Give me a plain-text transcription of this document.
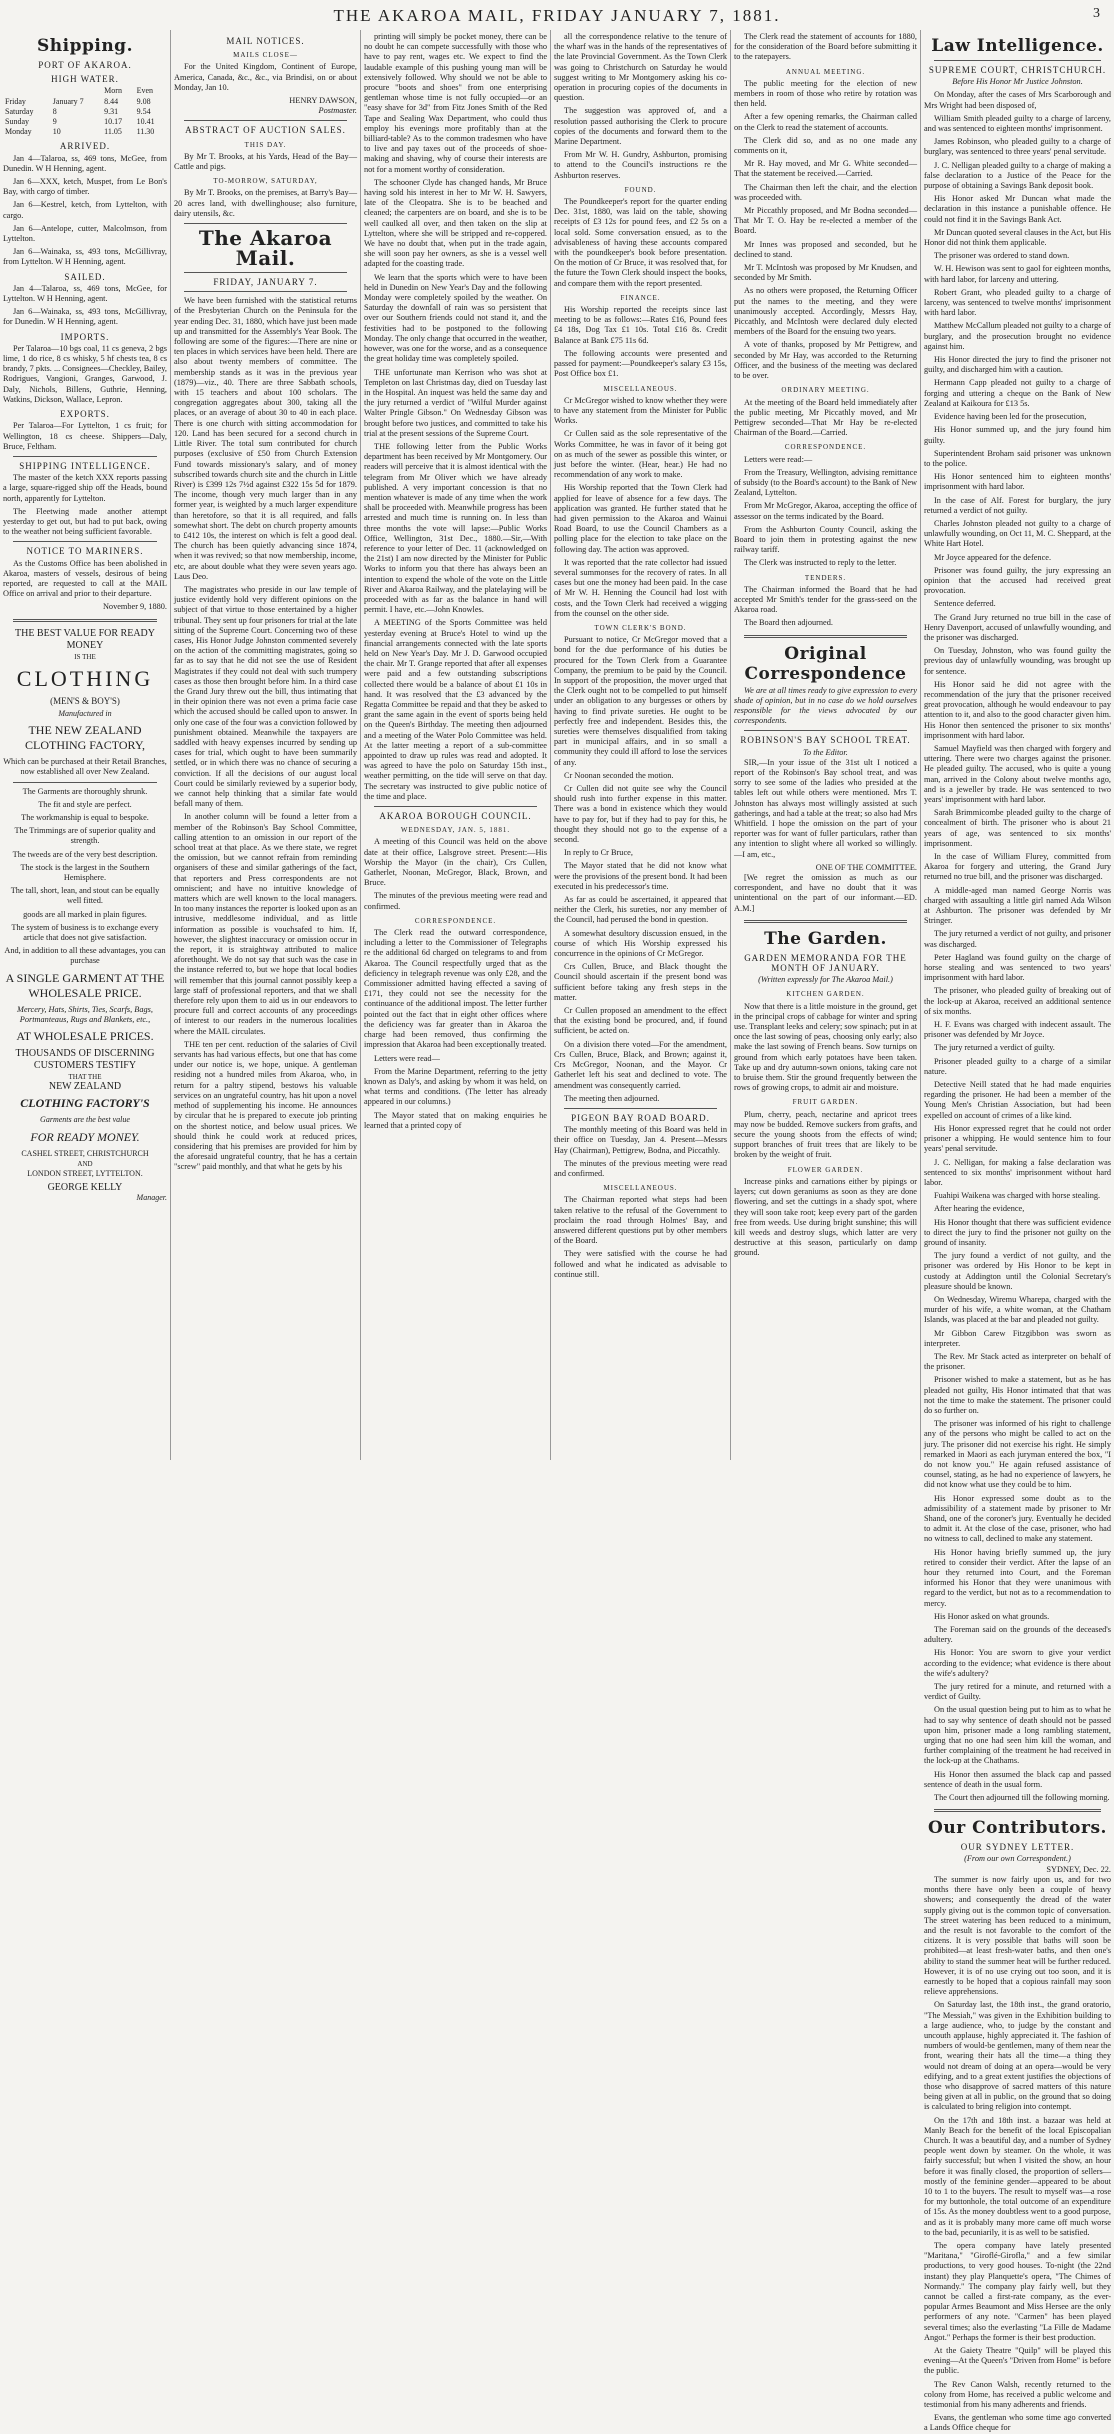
THE AKAROA MAIL, FRIDAY JANUARY 7, 1881.	3
Shipping.
PORT OF AKAROA.
HIGH WATER.
		Morn	Even
Friday	January 7	8.44	9.08
Saturday	8	9.31	9.54
Sunday	9	10.17	10.41
Monday	10	11.05	11.30
ARRIVED.

Jan 4—Talaroa, ss, 469 tons, McGee, from Dunedin. W H Henning, agent.

Jan 6—XXX, ketch, Muspet, from Le Bon's Bay, with cargo of timber.

Jan 6—Kestrel, ketch, from Lyttelton, with cargo.

Jan 6—Antelope, cutter, Malcolmson, from Lyttelton.

Jan 6—Wainaka, ss, 493 tons, McGillivray, from Lyttelton. W H Henning, agent.

SAILED.

Jan 4—Talaroa, ss, 469 tons, McGee, for Lyttelton. W H Henning, agent.

Jan 6—Wainaka, ss, 493 tons, McGillivray, for Dunedin. W H Henning, agent.

IMPORTS.

Per Talaroa—10 bgs coal, 11 cs geneva, 2 bgs lime, 1 do rice, 8 cs whisky, 5 hf chests tea, 8 cs brandy, 7 pkts. ... Consignees—Checkley, Bailey, Rodrigues, Vangioni, Granges, Garwood, J. Daly, Nichols, Billens, Guthrie, Henning, Watkins, Dickson, Wallace, Lepron.

EXPORTS.

Per Talaroa—For Lyttelton, 1 cs fruit; for Wellington, 18 cs cheese. Shippers—Daly, Bruce, Feltham.

SHIPPING INTELLIGENCE.

The master of the ketch XXX reports passing a large, square-rigged ship off the Heads, bound north, apparently for Lyttelton.

The Fleetwing made another attempt yesterday to get out, but had to put back, owing to the weather not being sufficient favorable.

NOTICE TO MARINERS.

As the Customs Office has been abolished in Akaroa, masters of vessels, desirous of being reported, are requested to call at the MAIL Office on arrival and prior to their departure.

November 9, 1880.

THE BEST VALUE FOR READY MONEY
IS THE
CLOTHING
(MEN'S & BOY'S)
Manufactured in
THE NEW ZEALAND CLOTHING FACTORY,

Which can be purchased at their Retail Branches, now established all over New Zealand.

The Garments are thoroughly shrunk.

The fit and style are perfect.

The workmanship is equal to bespoke.

The Trimmings are of superior quality and strength.

The tweeds are of the very best description.

The stock is the largest in the Southern Hemisphere.

The tall, short, lean, and stout can be equally well fitted.

goods are all marked in plain figures.

The system of business is to exchange every article that does not give satisfaction.

And, in addition to all these advantages, you can purchase

A SINGLE GARMENT AT THE WHOLESALE PRICE.

Mercery, Hats, Shirts, Ties, Scarfs, Bags, Portmanteaus, Rugs and Blankets, etc.,

AT WHOLESALE PRICES.
THOUSANDS OF DISCERNING CUSTOMERS TESTIFY
THAT THE
NEW ZEALAND
CLOTHING FACTORY'S
Garments are the best value
FOR READY MONEY.
CASHEL STREET, CHRISTCHURCH
AND
LONDON STREET, LYTTELTON.
GEORGE KELLY
Manager.
MAIL NOTICES.
MAILS CLOSE—

For the United Kingdom, Continent of Europe, America, Canada, &c., &c., via Brindisi, on or about Monday, Jan 10.

HENRY DAWSON,
Postmaster.
ABSTRACT OF AUCTION SALES.
THIS DAY.

By Mr T. Brooks, at his Yards, Head of the Bay—Cattle and pigs.

TO-MORROW, SATURDAY,

By Mr T. Brooks, on the premises, at Barry's Bay—20 acres land, with dwellinghouse; also furniture, dairy utensils, &c.

The Akaroa Mail.
FRIDAY, JANUARY 7.

We have been furnished with the statistical returns of the Presbyterian Church on the Peninsula for the year ending Dec. 31, 1880, which have just been made up and transmitted for the Assembly's Year Book. The following are some of the figures:—There are nine or ten places in which services have been held. There are also about twenty members of committee. The membership stands as it was in the previous year (1879)—viz., 40. There are three Sabbath schools, with 15 teachers and about 100 scholars. The congregation aggregates about 300, taking all the places, or an average of about 30 to 40 in each place. There is one church with sitting accommodation for 120. Land has been secured for a second church in Little River. The total sum contributed for church purposes (exclusive of £50 from Church Extension Fund towards missionary's salary, and of money subscribed towards church site and the church in Little River) is £399 12s 7½d against £322 15s 5d for 1879. The income, though very much larger than in any former year, is weighted by a much larger expenditure than heretofore, so that it is all required, and falls somewhat short. The debt on church property amounts to £412 10s, the interest on which is felt a good deal. The church has been quietly advancing since 1874, when it was revived; so that now membership, income, etc, are about double what they were seven years ago. Laus Deo.

The magistrates who preside in our law temple of justice evidently hold very different opinions on the subject of that virtue to those entertained by a higher tribunal. They sent up four prisoners for trial at the late sitting of the Supreme Court. Concerning two of these cases, His Honor Judge Johnston commented severely on the action of the committing magistrates, going so far as to say that he did not see the use of Resident Magistrates if they could not deal with such trumpery cases as those then brought before him. In a third case the Grand Jury threw out the bill, thus intimating that in their opinion there was not even a prima facie case which the accused should be called upon to answer. In only one case of the four was a conviction followed by punishment obtained. Meanwhile the taxpayers are saddled with heavy expenses incurred by sending up cases for trial, which ought to have been summarily settled, or in which there was no chance of securing a conviction. If all the decisions of our august local Court could be similarly reviewed by a superior body, we cannot help thinking that a similar fate would befall many of them.

In another column will be found a letter from a member of the Robinson's Bay School Committee, calling attention to an omission in our report of the school treat at that place. As we there state, we regret the omission, but we cannot refrain from reminding organisers of these and similar gatherings of the fact, that reporters and Press correspondents are not omniscient; and have no intuitive knowledge of matters which are well known to the local managers. In too many instances the reporter is looked upon as an intrusive, meddlesome individual, and as little information as possible is vouchsafed to him. If, however, the slightest inaccuracy or omission occur in the report, it is straightway attributed to malice aforethought. We do not say that such was the case in the instance referred to, but we hope that local bodies will remember that this journal cannot possibly keep a large staff of professional reporters, and that we shall therefore rely upon them to aid us in our endeavors to procure full and correct accounts of any proceedings of interest to our readers in the numerous localities where the MAIL circulates.

THE ten per cent. reduction of the salaries of Civil servants has had various effects, but one that has come under our notice is, we hope, unique. A gentleman residing not a hundred miles from Akaroa, who, in return for a paltry stipend, bestows his valuable services on an ungrateful country, has hit upon a novel method of supplementing his income. He announces by circular that he is prepared to execute job printing on the shortest notice, and below usual prices. We should think he could work at reduced prices, considering that his premises are provided for him by the aforesaid ungrateful country, that he has a certain "screw" paid monthly, and that what he gets by his

printing will simply be pocket money, there can be no doubt he can compete successfully with those who have to pay rent, wages etc. We expect to find the laudable example of this pushing young man will be extensively followed. Why should we not be able to procure "boots and shoes" from one enterprising gentleman whose time is not fully occupied—or an "easy shave for 3d" from Fitz Jones Smith of the Red Tape and Sealing Wax Department, who could thus employ his evenings more profitably than at the billiard-table? As to the common tradesmen who have to live and pay taxes out of the proceeds of shoe-making and shaving, why of course their interests are not for a moment worthy of consideration.

The schooner Clyde has changed hands, Mr Bruce having sold his interest in her to Mr W. H. Sawyers, late of the Cleopatra. She is to be beached and cleaned; the carpenters are on board, and she is to be well caulked all over, and then taken on the slip at Lyttelton, where she will be stripped and re-coppered. We have no doubt that, when put in the trade again, she will soon pay her owners, as she is a vessel well adapted for the coasting trade.

We learn that the sports which were to have been held in Dunedin on New Year's Day and the following Monday were completely spoiled by the weather. On Saturday the downfall of rain was so persistent that over our Southern friends could not stand it, and the festivities had to be postponed to the following Monday. The only change that occurred in the weather, however, was one for the worse, and as a consequence the great holiday time was completely spoiled.

THE unfortunate man Kerrison who was shot at Templeton on last Christmas day, died on Tuesday last in the Hospital. An inquest was held the same day and the jury returned a verdict of "Wilful Murder against Walter Pringle Gibson." On Wednesday Gibson was brought before two justices, and committed to take his trial at the present sessions of the Supreme Court.

THE following letter from the Public Works department has been received by Mr Montgomery. Our readers will perceive that it is almost identical with the telegram from Mr Oliver which we have already published. A very important concession is that no mention whatever is made of any time when the work shall be proceeded with. Meanwhile progress has been arrested and much time is running on. In less than three months the vote will lapse:—Public Works Office, Wellington, 31st Dec., 1880.—Sir,—With reference to your letter of Dec. 11 (acknowledged on the 21st) I am now directed by the Minister for Public Works to inform you that there has always been an intention to expend the whole of the vote on the Little River and Akaroa Railway, and the platelaying will be proceeded with as far as the balance in hand will permit. I have, etc.—John Knowles.

A MEETING of the Sports Committee was held yesterday evening at Bruce's Hotel to wind up the financial arrangements connected with the late sports held on New Year's Day. Mr J. D. Garwood occupied the chair. Mr T. Grange reported that after all expenses were paid and a few outstanding subscriptions collected there would be a balance of about £1 10s in hand. It was resolved that the £3 advanced by the Regatta Committee be repaid and that they be asked to grant the same again in the event of sports being held on the Queen's Birthday. The meeting then adjourned and a meeting of the Water Polo Committee was held. At the latter meeting a report of a sub-committee appointed to draw up rules was read and adopted. It was agreed to have the polo on Saturday 15th inst., weather permitting, on the tide will serve on that day. The secretary was instructed to give public notice of the time and place.

AKAROA BOROUGH COUNCIL.
WEDNESDAY, JAN. 5, 1881.

A meeting of this Council was held on the above date at their office, Lalsgrove street. Present:—His Worship the Mayor (in the chair), Crs Cullen, Gatherlet, Noonan, McGregor, Black, Brown, and Bruce.

The minutes of the previous meeting were read and confirmed.

CORRESPONDENCE.

The Clerk read the outward correspondence, including a letter to the Commissioner of Telegraphs re the additional 6d charged on telegrams to and from Akaroa. The Council respectfully urged that as the deficiency in telegraph revenue was only £28, and the Commissioner admitted having effected a saving of £171, they could not see the necessity for the continuance of the additional impost. The letter further pointed out the fact that in eight other offices where the deficiency was far greater than in Akaroa the charge had been removed, thus confirming the impression that Akaroa had been exceptionally treated.

Letters were read—

From the Marine Department, referring to the jetty known as Daly's, and asking by whom it was held, on what terms and conditions. (The letter has already appeared in our columns.)

The Mayor stated that on making enquiries he learned that a printed copy of

all the correspondence relative to the tenure of the wharf was in the hands of the representatives of the late Provincial Government. As the Town Clerk was going to Christchurch on Saturday he would suggest writing to Mr Montgomery asking his co-operation in procuring copies of the documents in question.

The suggestion was approved of, and a resolution passed authorising the Clerk to procure copies of the documents and forward them to the Marine Department.

From Mr W. H. Gundry, Ashburton, promising to attend to the Council's instructions re the Ashburton reserves.

FOUND.

The Poundkeeper's report for the quarter ending Dec. 31st, 1880, was laid on the table, showing receipts of £3 12s for pound fees, and £2 5s on a local sold. Some conversation ensued, as to the advisableness of having these accounts compared with the poundkeeper's book before presentation. On the motion of Cr Bruce, it was resolved that, for the future the Town Clerk should inspect the books, and compare them with the report presented.

FINANCE.

His Worship reported the receipts since last meeting to be as follows:—Rates £16, Pound fees £4 18s, Dog Tax £1 10s. Total £16 8s. Credit Balance at Bank £75 11s 6d.

The following accounts were presented and passed for payment:—Poundkeeper's salary £3 15s, Post Office box £1.

MISCELLANEOUS.

Cr McGregor wished to know whether they were to have any statement from the Minister for Public Works.

Cr Cullen said as the sole representative of the Works Committee, he was in favor of it being got on as much of the sewer as possible this winter, or just before the winter. (Hear, hear.) He had no recommendation of any work to make.

His Worship reported that the Town Clerk had applied for leave of absence for a few days. The application was granted. He further stated that he had given permission to the Akaroa and Wainui Road Board, to use the Council Chambers as a polling place for the election to take place on the following day. The action was approved.

It was reported that the rate collector had issued several summonses for the recovery of rates. In all cases but one the money had been paid. In the case of Mr W. H. Henning the Council had lost with costs, and the Town Clerk had received a wigging from the counsel on the other side.

TOWN CLERK'S BOND.

Pursuant to notice, Cr McGregor moved that a bond for the due performance of his duties be procured for the Town Clerk from a Guarantee Company, the premium to be paid by the Council. In support of the proposition, the mover urged that the Clerk ought not to be compelled to put himself under an obligation to any burgesses or others by having to find private sureties. He ought to be perfectly free and independent. Besides this, the sureties were themselves disqualified from taking part in municipal affairs, and in so small a community they could ill afford to lose the services of any.

Cr Noonan seconded the motion.

Cr Cullen did not quite see why the Council should rush into further expense in this matter. There was a bond in existence which they would have to pay for, but if they had to pay for this, he thought they should not go to the expense of a second.

In reply to Cr Bruce,

The Mayor stated that he did not know what were the provisions of the present bond. It had been executed in his predecessor's time.

As far as could be ascertained, it appeared that neither the Clerk, his sureties, nor any member of the Council, had perused the bond in question.

A somewhat desultory discussion ensued, in the course of which His Worship expressed his concurrence in the opinions of Cr McGregor.

Crs Cullen, Bruce, and Black thought the Council should ascertain if the present bond was sufficient before taking any fresh steps in the matter.

Cr Cullen proposed an amendment to the effect that the existing bond be procured, and, if found sufficient, be acted on.

On a division there voted—For the amendment, Crs Cullen, Bruce, Black, and Brown; against it, Crs McGregor, Noonan, and the Mayor. Cr Gatherlet left his seat and declined to vote. The amendment was consequently carried.

The meeting then adjourned.

PIGEON BAY ROAD BOARD.

The monthly meeting of this Board was held in their office on Tuesday, Jan 4. Present—Messrs Hay (Chairman), Pettigrew, Bodna, and Piccathly.

The minutes of the previous meeting were read and confirmed.

MISCELLANEOUS.

The Chairman reported what steps had been taken relative to the refusal of the Government to proclaim the road through Holmes' Bay, and answered different questions put by other members of the Board.

They were satisfied with the course he had followed and what he indicated as advisable to continue still.

The Clerk read the statement of accounts for 1880, for the consideration of the Board before submitting it to the ratepayers.

ANNUAL MEETING.

The public meeting for the election of new members in room of those who retire by rotation was then held.

After a few opening remarks, the Chairman called on the Clerk to read the statement of accounts.

The Clerk did so, and as no one made any comments on it,

Mr R. Hay moved, and Mr G. White seconded—That the statement be received.—Carried.

The Chairman then left the chair, and the election was proceeded with.

Mr Piccathly proposed, and Mr Bodna seconded—That Mr T. O. Hay be re-elected a member of the Board.

Mr Innes was proposed and seconded, but he declined to stand.

Mr T. McIntosh was proposed by Mr Knudsen, and seconded by Mr Smith.

As no others were proposed, the Returning Officer put the names to the meeting, and they were unanimously accepted. Accordingly, Messrs Hay, Piccathly, and McIntosh were declared duly elected members of the Board for the ensuing two years.

A vote of thanks, proposed by Mr Pettigrew, and seconded by Mr Hay, was accorded to the Returning Officer, and the business of the meeting was declared to be over.

ORDINARY MEETING.

At the meeting of the Board held immediately after the public meeting, Mr Piccathly moved, and Mr Pettigrew seconded—That Mr Hay be re-elected Chairman of the Board.—Carried.

CORRESPONDENCE.

Letters were read:—

From the Treasury, Wellington, advising remittance of subsidy (to the Board's account) to the Bank of New Zealand, Lyttelton.

From Mr McGregor, Akaroa, accepting the office of assessor on the terms indicated by the Board.

From the Ashburton County Council, asking the Board to join them in protesting against the new railway tariff.

The Clerk was instructed to reply to the letter.

TENDERS.

The Chairman informed the Board that he had accepted Mr Smith's tender for the grass-seed on the Akaroa road.

The Board then adjourned.

Original Correspondence

We are at all times ready to give expression to every shade of opinion, but in no case do we hold ourselves responsible for the views advocated by our correspondents.

ROBINSON'S BAY SCHOOL TREAT.
To the Editor.

SIR,—In your issue of the 31st ult I noticed a report of the Robinson's Bay school treat, and was sorry to see some of the ladies who presided at the tables left out while others were mentioned. Mrs T. Johnston has always most willingly assisted at such gatherings, and had a table at the treat; so also had Mrs Whitfield. I hope the omission on the part of your reporter was for want of fuller particulars, rather than any intention to slight where all worked so willingly.—I am, etc.,

ONE OF THE COMMITTEE.

[We regret the omission as much as our correspondent, and have no doubt that it was unintentional on the part of our informant.—ED. A.M.]

The Garden.
GARDEN MEMORANDA FOR THE MONTH OF JANUARY.
(Written expressly for The Akaroa Mail.)
KITCHEN GARDEN.

Now that there is a little moisture in the ground, get in the principal crops of cabbage for winter and spring use. Transplant leeks and celery; sow spinach; put in at once the last sowing of peas, choosing only early; also make the last sowing of French beans. Sow turnips on ground from which early potatoes have been taken. Take up and dry autumn-sown onions, taking care not to bruise them. Stir the ground frequently between the rows of growing crops, to admit air and moisture.

FRUIT GARDEN.

Plum, cherry, peach, nectarine and apricot trees may now be budded. Remove suckers from grafts, and secure the young shoots from the effects of wind; support branches of fruit trees that are likely to be broken by the weight of fruit.

FLOWER GARDEN.

Increase pinks and carnations either by pipings or layers; cut down geraniums as soon as they are done flowering, and set the cuttings in a shady spot, where they will soon take root; keep every part of the garden free from weeds. Use during bright sunshine; this will kill weeds and destroy slugs, which latter are very destructive at this season, particularly on damp ground.

Law Intelligence.
SUPREME COURT, CHRISTCHURCH.
Before His Honor Mr Justice Johnston.

On Monday, after the cases of Mrs Scarborough and Mrs Wright had been disposed of,

William Smith pleaded guilty to a charge of larceny, and was sentenced to eighteen months' imprisonment.

James Robinson, who pleaded guilty to a charge of burglary, was sentenced to three years' penal servitude.

J. C. Nelligan pleaded guilty to a charge of making a false declaration to a Justice of the Peace for the purpose of obtaining a Savings Bank deposit book.

His Honor asked Mr Duncan what made the declaration in this instance a punishable offence. He could not find it in the Savings Bank Act.

Mr Duncan quoted several clauses in the Act, but His Honor did not think them applicable.

The prisoner was ordered to stand down.

W. H. Hewison was sent to gaol for eighteen months, with hard labor, for larceny and uttering.

Robert Grant, who pleaded guilty to a charge of larceny, was sentenced to twelve months' imprisonment with hard labor.

Matthew McCallum pleaded not guilty to a charge of burglary, and the prosecution brought no evidence against him.

His Honor directed the jury to find the prisoner not guilty, and discharged him with a caution.

Hermann Capp pleaded not guilty to a charge of forging and uttering a cheque on the Bank of New Zealand at Kaikoura for £13 5s.

Evidence having been led for the prosecution,

His Honor summed up, and the jury found him guilty.

Superintendent Broham said prisoner was unknown to the police.

His Honor sentenced him to eighteen months' imprisonment with hard labor.

In the case of Alf. Forest for burglary, the jury returned a verdict of not guilty.

Charles Johnston pleaded not guilty to a charge of unlawfully wounding, on Oct 11, M. C. Sheppard, at the White Hart Hotel.

Mr Joyce appeared for the defence.

Prisoner was found guilty, the jury expressing an opinion that the accused had received great provocation.

Sentence deferred.

The Grand Jury returned no true bill in the case of Henry Davenport, accused of unlawfully wounding, and the prisoner was discharged.

On Tuesday, Johnston, who was found guilty the previous day of unlawfully wounding, was brought up for sentence.

His Honor said he did not agree with the recommendation of the jury that the prisoner received great provocation, although he would endeavour to pay attention to it, and also to the good character given him. His Honor then sentenced the prisoner to six months' imprisonment with hard labor.

Samuel Mayfield was then charged with forgery and uttering. There were two charges against the prisoner. He pleaded guilty. The accused, who is quite a young man, arrived in the Colony about twelve months ago, and is a jeweller by trade. He was sentenced to two years' imprisonment with hard labor.

Sarah Brimmicombe pleaded guilty to the charge of concealment of birth. The prisoner who is about 21 years of age, was sentenced to six months' imprisonment.

In the case of William Flurey, committed from Akaroa for forgery and uttering, the Grand Jury returned no true bill, and the prisoner was discharged.

A middle-aged man named George Norris was charged with assaulting a little girl named Ada Wilson at Ashburton. The prisoner was defended by Mr Stringer.

The jury returned a verdict of not guilty, and prisoner was discharged.

Peter Hagland was found guilty on the charge of horse stealing and was sentenced to two years' imprisonment with hard labor.

The prisoner, who pleaded guilty of breaking out of the lock-up at Akaroa, received an additional sentence of six months.

H. F. Evans was charged with indecent assault. The prisoner was defended by Mr Joyce.

The jury returned a verdict of guilty.

Prisoner pleaded guilty to a charge of a similar nature.

Detective Neill stated that he had made enquiries regarding the prisoner. He had been a member of the Young Men's Christian Association, but had been expelled on account of crimes of a like kind.

His Honor expressed regret that he could not order prisoner a whipping. He would sentence him to four years' penal servitude.

J. C. Nelligan, for making a false declaration was sentenced to six months' imprisonment without hard labor.

Fuahipi Waikena was charged with horse stealing.

After hearing the evidence,

His Honor thought that there was sufficient evidence to direct the jury to find the prisoner not guilty on the ground of insanity.

The jury found a verdict of not guilty, and the prisoner was ordered by His Honor to be kept in custody at Addington until the Colonial Secretary's pleasure should be known.

On Wednesday, Wiremu Wharepa, charged with the murder of his wife, a white woman, at the Chatham Islands, was placed at the bar and pleaded not guilty.

Mr Gibbon Carew Fitzgibbon was sworn as interpreter.

The Rev. Mr Stack acted as interpreter on behalf of the prisoner.

Prisoner wished to make a statement, but as he has pleaded not guilty, His Honor intimated that that was not the time to make the statement. The prisoner could do so further on.

The prisoner was informed of his right to challenge any of the persons who might be called to act on the jury. The prisoner did not exercise his right. He simply remarked in Maori as each juryman entered the box, "I do not know you." He again refused assistance of counsel, stating, as he had no experience of lawyers, he did not know what use they could be to him.

His Honor expressed some doubt as to the admissibility of a statement made by prisoner to Mr Shand, one of the coroner's jury. Eventually he decided to admit it. At the close of the case, prisoner, who had no witness to call, declined to make any statement.

His Honor having briefly summed up, the jury retired to consider their verdict. After the lapse of an hour they returned into Court, and the Foreman informed his Honor that they were unanimous with regard to the verdict, but not as to a recommendation to mercy.

His Honor asked on what grounds.

The Foreman said on the grounds of the deceased's adultery.

His Honor: You are sworn to give your verdict according to the evidence; what evidence is there about the wife's adultery?

The jury retired for a minute, and returned with a verdict of Guilty.

On the usual question being put to him as to what he had to say why sentence of death should not be passed upon him, prisoner made a long rambling statement, urging that no one had seen him kill the woman, and further complaining of the treatment he had received in the lock-up at the Chathams.

His Honor then assumed the black cap and passed sentence of death in the usual form.

The Court then adjourned till the following morning.

Our Contributors.
OUR SYDNEY LETTER.
(From our own Correspondent.)
SYDNEY, Dec. 22.

The summer is now fairly upon us, and for two months there have only been a couple of heavy showers; and consequently the dread of the water supply giving out is the common topic of conversation. The street watering has been reduced to a minimum, and the result is not favorable to the comfort of the citizens. It is very possible that baths will soon be prohibited—at least fresh-water baths, and then one's ability to stand the summer heat will be further reduced. However, it is of no use crying out too soon, and it is earnestly to be hoped that a copious rainfall may soon relieve apprehensions.

On Saturday last, the 18th inst., the grand oratorio, "The Messiah," was given in the Exhibition building to a large audience, who, to judge by the constant and uncouth applause, highly appreciated it. The fashion of numbers of would-be gentlemen, many of them near the front, wearing their hats all the time—a thing they would not dream of doing at an opera—would be very edifying, and to a great extent justifies the objections of those who disapprove of sacred matters of this nature being given at all in public, on the ground that so doing is calculated to bring religion into contempt.

On the 17th and 18th inst. a bazaar was held at Manly Beach for the benefit of the local Episcopalian Church. It was a beautiful day, and a number of Sydney people went down by steamer. On the whole, it was fairly successful; but when I visited the show, an hour before it was finally closed, the proportion of sellers—mostly of the feminine gender—appeared to be about 10 to 1 to the buyers. The result to myself was—a rose for my buttonhole, the total outcome of an expenditure of 15s. As the money doubtless went to a good purpose, and as it is probably many more came off much worse to the bad, pecuniarily, it is as well to be satisfied.

The opera company have lately presented "Maritana," "Giroflé-Girofla," and a few similar productions, to very good houses. To-night (the 22nd instant) they play Planquette's opera, "The Chimes of Normandy." The company play fairly well, but they cannot be called a first-rate company, as the ever-popular Armes Beaumont and Miss Hersee are the only performers of any note. "Carmen" has been played several times; also the everlasting "La Fille de Madame Angot." Perhaps the former is their best production.

At the Gaiety Theatre "Quilp" will be played this evening—At the Queen's "Driven from Home" is before the public.

The Rev Canon Walsh, recently returned to the colony from Home, has received a public welcome and testimonial from his many adherents and friends.

Evans, the gentleman who some time ago converted a Lands Office cheque for
